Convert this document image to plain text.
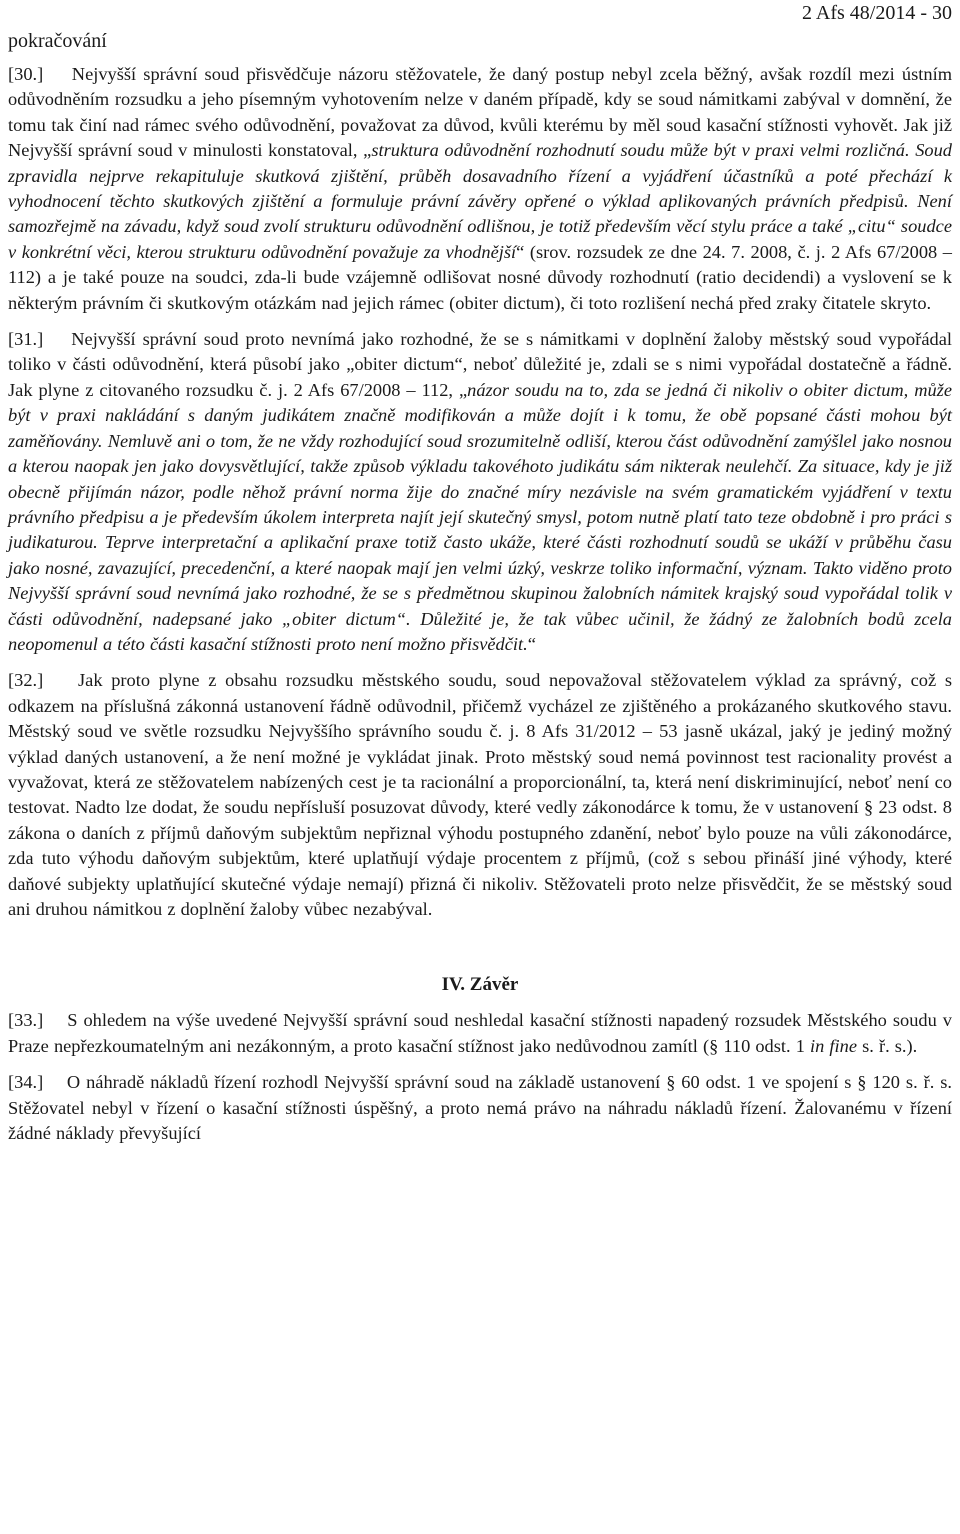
pokračování
2 Afs 48/2014 - 30

[30.]    Nejvyšší správní soud přisvědčuje názoru stěžovatele, že daný postup nebyl zcela běžný, avšak rozdíl mezi ústním odůvodněním rozsudku a jeho písemným vyhotovením nelze v daném případě, kdy se soud námitkami zabýval v domnění, že tomu tak činí nad rámec svého odůvodnění, považovat za důvod, kvůli kterému by měl soud kasační stížnosti vyhovět. Jak již Nejvyšší správní soud v minulosti konstatoval, „struktura odůvodnění rozhodnutí soudu může být v praxi velmi rozličná. Soud zpravidla nejprve rekapituluje skutková zjištění, průběh dosavadního řízení a vyjádření účastníků a poté přechází k vyhodnocení těchto skutkových zjištění a formuluje právní závěry opřené o výklad aplikovaných právních předpisů. Není samozřejmě na závadu, když soud zvolí strukturu odůvodnění odlišnou, je totiž především věcí stylu práce a také „citu“ soudce v konkrétní věci, kterou strukturu odůvodnění považuje za vhodnější“ (srov. rozsudek ze dne 24. 7. 2008, č. j. 2 Afs 67/2008 – 112) a je také pouze na soudci, zda-li bude vzájemně odlišovat nosné důvody rozhodnutí (ratio decidendi) a vyslovení se k některým právním či skutkovým otázkám nad jejich rámec (obiter dictum), či toto rozlišení nechá před zraky čitatele skryto.

[31.]    Nejvyšší správní soud proto nevnímá jako rozhodné, že se s námitkami v doplnění žaloby městský soud vypořádal toliko v části odůvodnění, která působí jako „obiter dictum“, neboť důležité je, zdali se s nimi vypořádal dostatečně a řádně. Jak plyne z citovaného rozsudku č. j. 2 Afs 67/2008 – 112, „názor soudu na to, zda se jedná či nikoliv o obiter dictum, může být v praxi nakládání s daným judikátem značně modifikován a může dojít i k tomu, že obě popsané části mohou být zaměňovány. Nemluvě ani o tom, že ne vždy rozhodující soud srozumitelně odliší, kterou část odůvodnění zamýšlel jako nosnou a kterou naopak jen jako dovysvětlující, takže způsob výkladu takovéhoto judikátu sám nikterak neulehčí. Za situace, kdy je již obecně přijímán názor, podle něhož právní norma žije do značné míry nezávisle na svém gramatickém vyjádření v textu právního předpisu a je především úkolem interpreta najít její skutečný smysl, potom nutně platí tato teze obdobně i pro práci s judikaturou. Teprve interpretační a aplikační praxe totiž často ukáže, které části rozhodnutí soudů se ukáží v průběhu času jako nosné, zavazující, precedenční, a které naopak mají jen velmi úzký, veskrze toliko informační, význam. Takto viděno proto Nejvyšší správní soud nevnímá jako rozhodné, že se s předmětnou skupinou žalobních námitek krajský soud vypořádal tolik v části odůvodnění, nadepsané jako „obiter dictum“. Důležité je, že tak vůbec učinil, že žádný ze žalobních bodů zcela neopomenul a této části kasační stížnosti proto není možno přisvědčit.“

[32.]    Jak proto plyne z obsahu rozsudku městského soudu, soud nepovažoval stěžovatelem výklad za správný, což s odkazem na příslušná zákonná ustanovení řádně odůvodnil, přičemž vycházel ze zjištěného a prokázaného skutkového stavu. Městský soud ve světle rozsudku Nejvyššího správního soudu č. j. 8 Afs 31/2012 – 53 jasně ukázal, jaký je jediný možný výklad daných ustanovení, a že není možné je vykládat jinak. Proto městský soud nemá povinnost test racionality provést a vyvažovat, která ze stěžovatelem nabízených cest je ta racionální a proporcionální, ta, která není diskriminující, neboť není co testovat. Nadto lze dodat, že soudu nepřísluší posuzovat důvody, které vedly zákonodárce k tomu, že v ustanovení § 23 odst. 8 zákona o daních z příjmů daňovým subjektům nepřiznal výhodu postupného zdanění, neboť bylo pouze na vůli zákonodárce, zda tuto výhodu daňovým subjektům, které uplatňují výdaje procentem z příjmů, (což s sebou přináší jiné výhody, které daňové subjekty uplatňující skutečné výdaje nemají) přizná či nikoliv. Stěžovateli proto nelze přisvědčit, že se městský soud ani druhou námitkou z doplnění žaloby vůbec nezabýval.

IV. Závěr

[33.]    S ohledem na výše uvedené Nejvyšší správní soud neshledal kasační stížnosti napadený rozsudek Městského soudu v Praze nepřezkoumatelným ani nezákonným, a proto kasační stížnost jako nedůvodnou zamítl (§ 110 odst. 1 in fine s. ř. s.).

[34.]    O náhradě nákladů řízení rozhodl Nejvyšší správní soud na základě ustanovení § 60 odst. 1 ve spojení s § 120 s. ř. s. Stěžovatel nebyl v řízení o kasační stížnosti úspěšný, a proto nemá právo na náhradu nákladů řízení. Žalovanému v řízení žádné náklady převyšující
